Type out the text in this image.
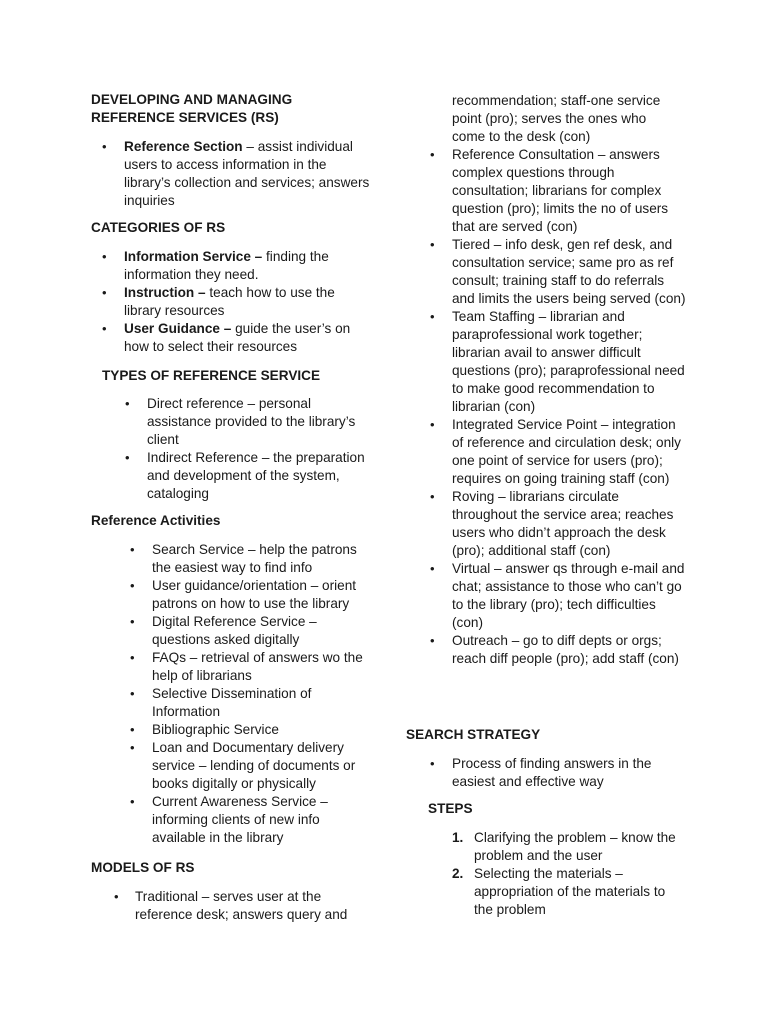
DEVELOPING AND MANAGING REFERENCE SERVICES (RS)

• Reference Section – assist individual users to access information in the library’s collection and services; answers inquiries

CATEGORIES OF RS

• Information Service – finding the information they need.
• Instruction – teach how to use the library resources
• User Guidance – guide the user’s on how to select their resources

TYPES OF REFERENCE SERVICE

• Direct reference – personal assistance provided to the library’s client
• Indirect Reference – the preparation and development of the system, cataloging

Reference Activities

• Search Service – help the patrons the easiest way to find info
• User guidance/orientation – orient patrons on how to use the library
• Digital Reference Service – questions asked digitally
• FAQs – retrieval of answers wo the help of librarians
• Selective Dissemination of Information
• Bibliographic Service
• Loan and Documentary delivery service – lending of documents or books digitally or physically
• Current Awareness Service – informing clients of new info available in the library

MODELS OF RS

• Traditional – serves user at the reference desk; answers query and

recommendation; staff-one service point (pro); serves the ones who come to the desk (con)

• Reference Consultation – answers complex questions through consultation; librarians for complex question (pro); limits the no of users that are served (con)
• Tiered – info desk, gen ref desk, and consultation service; same pro as ref consult; training staff to do referrals and limits the users being served (con)
• Team Staffing – librarian and paraprofessional work together; librarian avail to answer difficult questions (pro); paraprofessional need to make good recommendation to librarian (con)
• Integrated Service Point – integration of reference and circulation desk; only one point of service for users (pro); requires on going training staff (con)
• Roving – librarians circulate throughout the service area; reaches users who didn’t approach the desk (pro); additional staff (con)
• Virtual – answer qs through e-mail and chat; assistance to those who can’t go to the library (pro); tech difficulties (con)
• Outreach – go to diff depts or orgs; reach diff people (pro); add staff (con)

SEARCH STRATEGY

• Process of finding answers in the easiest and effective way

STEPS

1. Clarifying the problem – know the problem and the user
2. Selecting the materials – appropriation of the materials to the problem
